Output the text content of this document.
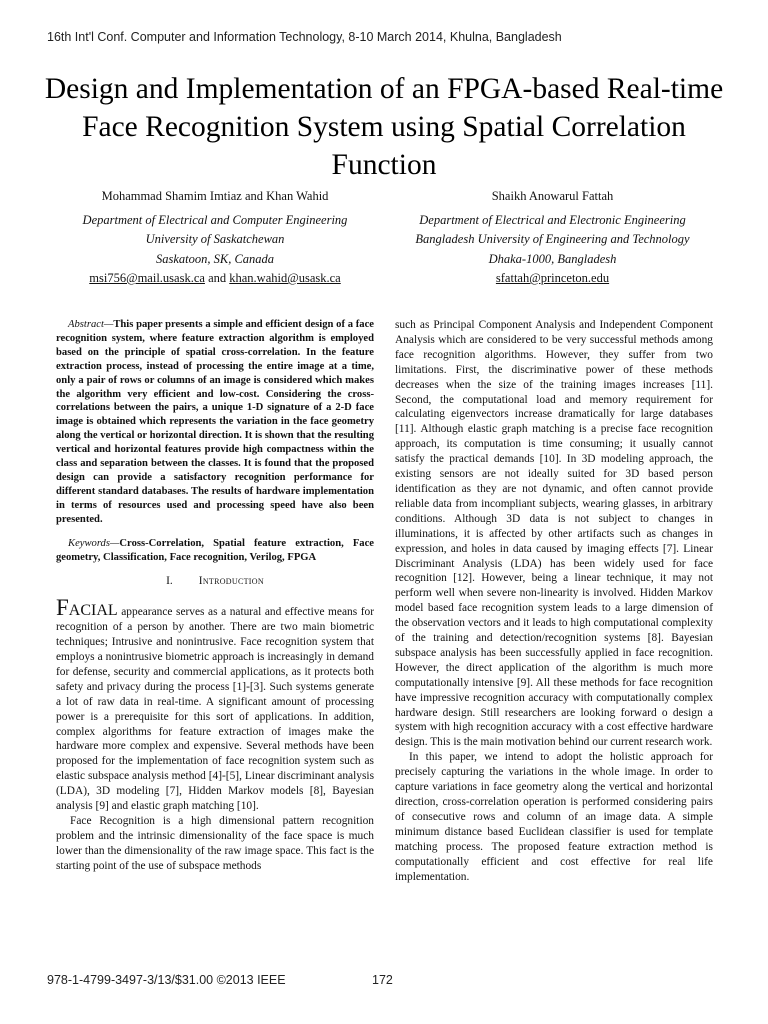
16th Int'l Conf. Computer and Information Technology, 8-10 March 2014, Khulna, Bangladesh
Design and Implementation of an FPGA-based Real-time Face Recognition System using Spatial Correlation Function
Mohammad Shamim Imtiaz and Khan Wahid
Department of Electrical and Computer Engineering
University of Saskatchewan
Saskatoon, SK, Canada
msi756@mail.usask.ca and khan.wahid@usask.ca
Shaikh Anowarul Fattah
Department of Electrical and Electronic Engineering
Bangladesh University of Engineering and Technology
Dhaka-1000, Bangladesh
sfattah@princeton.edu

Abstract—This paper presents a simple and efficient design of a face recognition system, where feature extraction algorithm is employed based on the principle of spatial cross-correlation. In the feature extraction process, instead of processing the entire image at a time, only a pair of rows or columns of an image is considered which makes the algorithm very efficient and low-cost. Considering the cross-correlations between the pairs, a unique 1-D signature of a 2-D face image is obtained which represents the variation in the face geometry along the vertical or horizontal direction. It is shown that the resulting vertical and horizontal features provide high compactness within the class and separation between the classes. It is found that the proposed design can provide a satisfactory recognition performance for different standard databases. The results of hardware implementation in terms of resources used and processing speed have also been presented.

Keywords—Cross-Correlation, Spatial feature extraction, Face geometry, Classification, Face recognition, Verilog, FPGA

I. Introduction

Facial appearance serves as a natural and effective means for recognition of a person by another. There are two main biometric techniques; Intrusive and nonintrusive. Face recognition system that employs a nonintrusive biometric approach is increasingly in demand for defense, security and commercial applications, as it protects both safety and privacy during the process [1]-[3]. Such systems generate a lot of raw data in real-time. A significant amount of processing power is a prerequisite for this sort of applications. In addition, complex algorithms for feature extraction of images make the hardware more complex and expensive. Several methods have been proposed for the implementation of face recognition system such as elastic subspace analysis method [4]-[5], Linear discriminant analysis (LDA), 3D modeling [7], Hidden Markov models [8], Bayesian analysis [9] and elastic graph matching [10].

Face Recognition is a high dimensional pattern recognition problem and the intrinsic dimensionality of the face space is much lower than the dimensionality of the raw image space. This fact is the starting point of the use of subspace methods

such as Principal Component Analysis and Independent Component Analysis which are considered to be very successful methods among face recognition algorithms. However, they suffer from two limitations. First, the discriminative power of these methods decreases when the size of the training images increases [11]. Second, the computational load and memory requirement for calculating eigenvectors increase dramatically for large databases [11]. Although elastic graph matching is a precise face recognition approach, its computation is time consuming; it usually cannot satisfy the practical demands [10]. In 3D modeling approach, the existing sensors are not ideally suited for 3D based person identification as they are not dynamic, and often cannot provide reliable data from incompliant subjects, wearing glasses, in arbitrary conditions. Although 3D data is not subject to changes in illuminations, it is affected by other artifacts such as changes in expression, and holes in data caused by imaging effects [7]. Linear Discriminant Analysis (LDA) has been widely used for face recognition [12]. However, being a linear technique, it may not perform well when severe non-linearity is involved. Hidden Markov model based face recognition system leads to a large dimension of the observation vectors and it leads to high computational complexity of the training and detection/recognition systems [8]. Bayesian subspace analysis has been successfully applied in face recognition. However, the direct application of the algorithm is much more computationally intensive [9]. All these methods for face recognition have impressive recognition accuracy with computationally complex hardware design. Still researchers are looking forward o design a system with high recognition accuracy with a cost effective hardware design. This is the main motivation behind our current research work.

In this paper, we intend to adopt the holistic approach for precisely capturing the variations in the whole image. In order to capture variations in face geometry along the vertical and horizontal direction, cross-correlation operation is performed considering pairs of consecutive rows and column of an image data. A simple minimum distance based Euclidean classifier is used for template matching process. The proposed feature extraction method is computationally efficient and cost effective for real life implementation.

978-1-4799-3497-3/13/$31.00 ©2013 IEEE	172
